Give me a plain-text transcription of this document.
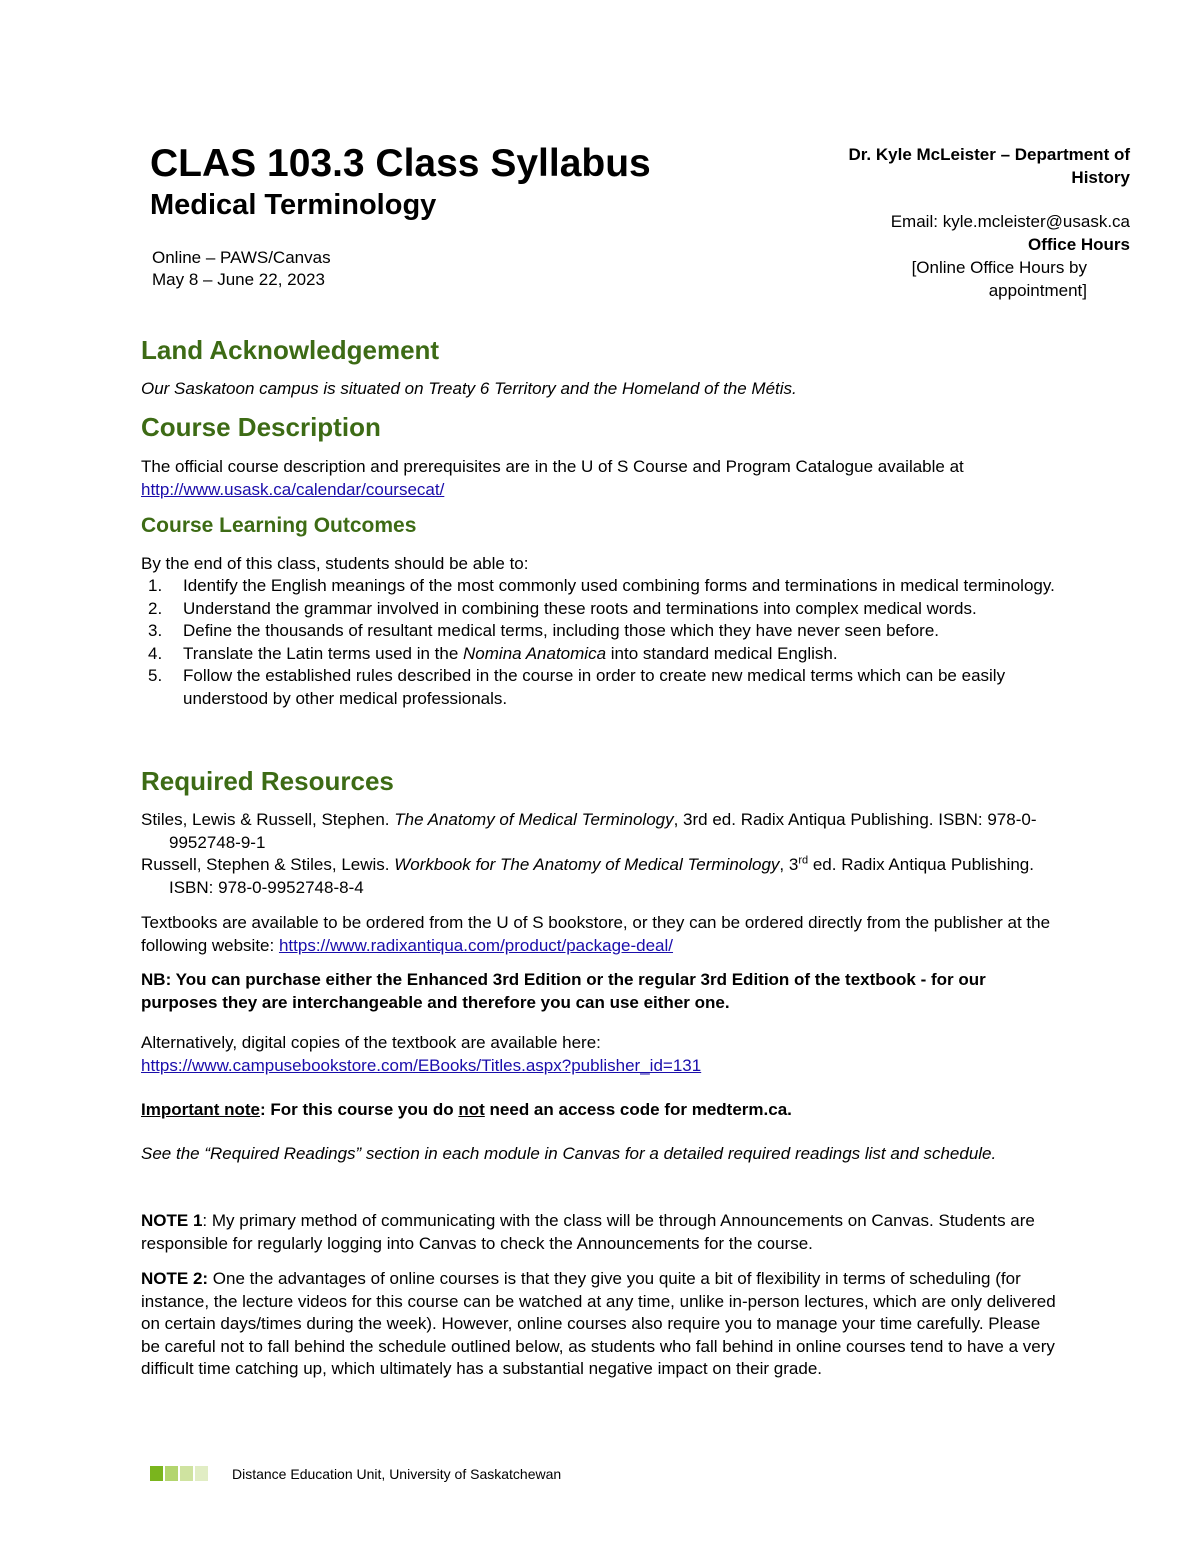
CLAS 103.3 Class Syllabus
Medical Terminology
Online – PAWS/Canvas
May 8 – June 22, 2023
Dr. Kyle McLeister – Department of
History
Email: kyle.mcleister@usask.ca
Office Hours
[Online Office Hours by
appointment]
Land Acknowledgement
Our Saskatoon campus is situated on Treaty 6 Territory and the Homeland of the Métis.
Course Description
The official course description and prerequisites are in the U of S Course and Program Catalogue available at http://www.usask.ca/calendar/coursecat/
Course Learning Outcomes
By the end of this class, students should be able to:
1. Identify the English meanings of the most commonly used combining forms and terminations in medical terminology.
2. Understand the grammar involved in combining these roots and terminations into complex medical words.
3. Define the thousands of resultant medical terms, including those which they have never seen before.
4. Translate the Latin terms used in the Nomina Anatomica into standard medical English.
5. Follow the established rules described in the course in order to create new medical terms which can be easily understood by other medical professionals.
Required Resources
Stiles, Lewis & Russell, Stephen. The Anatomy of Medical Terminology, 3rd ed. Radix Antiqua Publishing. ISBN: 978-0-9952748-9-1
Russell, Stephen & Stiles, Lewis. Workbook for The Anatomy of Medical Terminology, 3rd ed. Radix Antiqua Publishing. ISBN: 978-0-9952748-8-4
Textbooks are available to be ordered from the U of S bookstore, or they can be ordered directly from the publisher at the following website: https://www.radixantiqua.com/product/package-deal/
NB: You can purchase either the Enhanced 3rd Edition or the regular 3rd Edition of the textbook - for our purposes they are interchangeable and therefore you can use either one.
Alternatively, digital copies of the textbook are available here:
https://www.campusebookstore.com/EBooks/Titles.aspx?publisher_id=131
Important note: For this course you do not need an access code for medterm.ca.
See the “Required Readings” section in each module in Canvas for a detailed required readings list and schedule.
NOTE 1: My primary method of communicating with the class will be through Announcements on Canvas. Students are responsible for regularly logging into Canvas to check the Announcements for the course.
NOTE 2: One the advantages of online courses is that they give you quite a bit of flexibility in terms of scheduling (for instance, the lecture videos for this course can be watched at any time, unlike in-person lectures, which are only delivered on certain days/times during the week). However, online courses also require you to manage your time carefully. Please be careful not to fall behind the schedule outlined below, as students who fall behind in online courses tend to have a very difficult time catching up, which ultimately has a substantial negative impact on their grade.
Distance Education Unit, University of Saskatchewan
